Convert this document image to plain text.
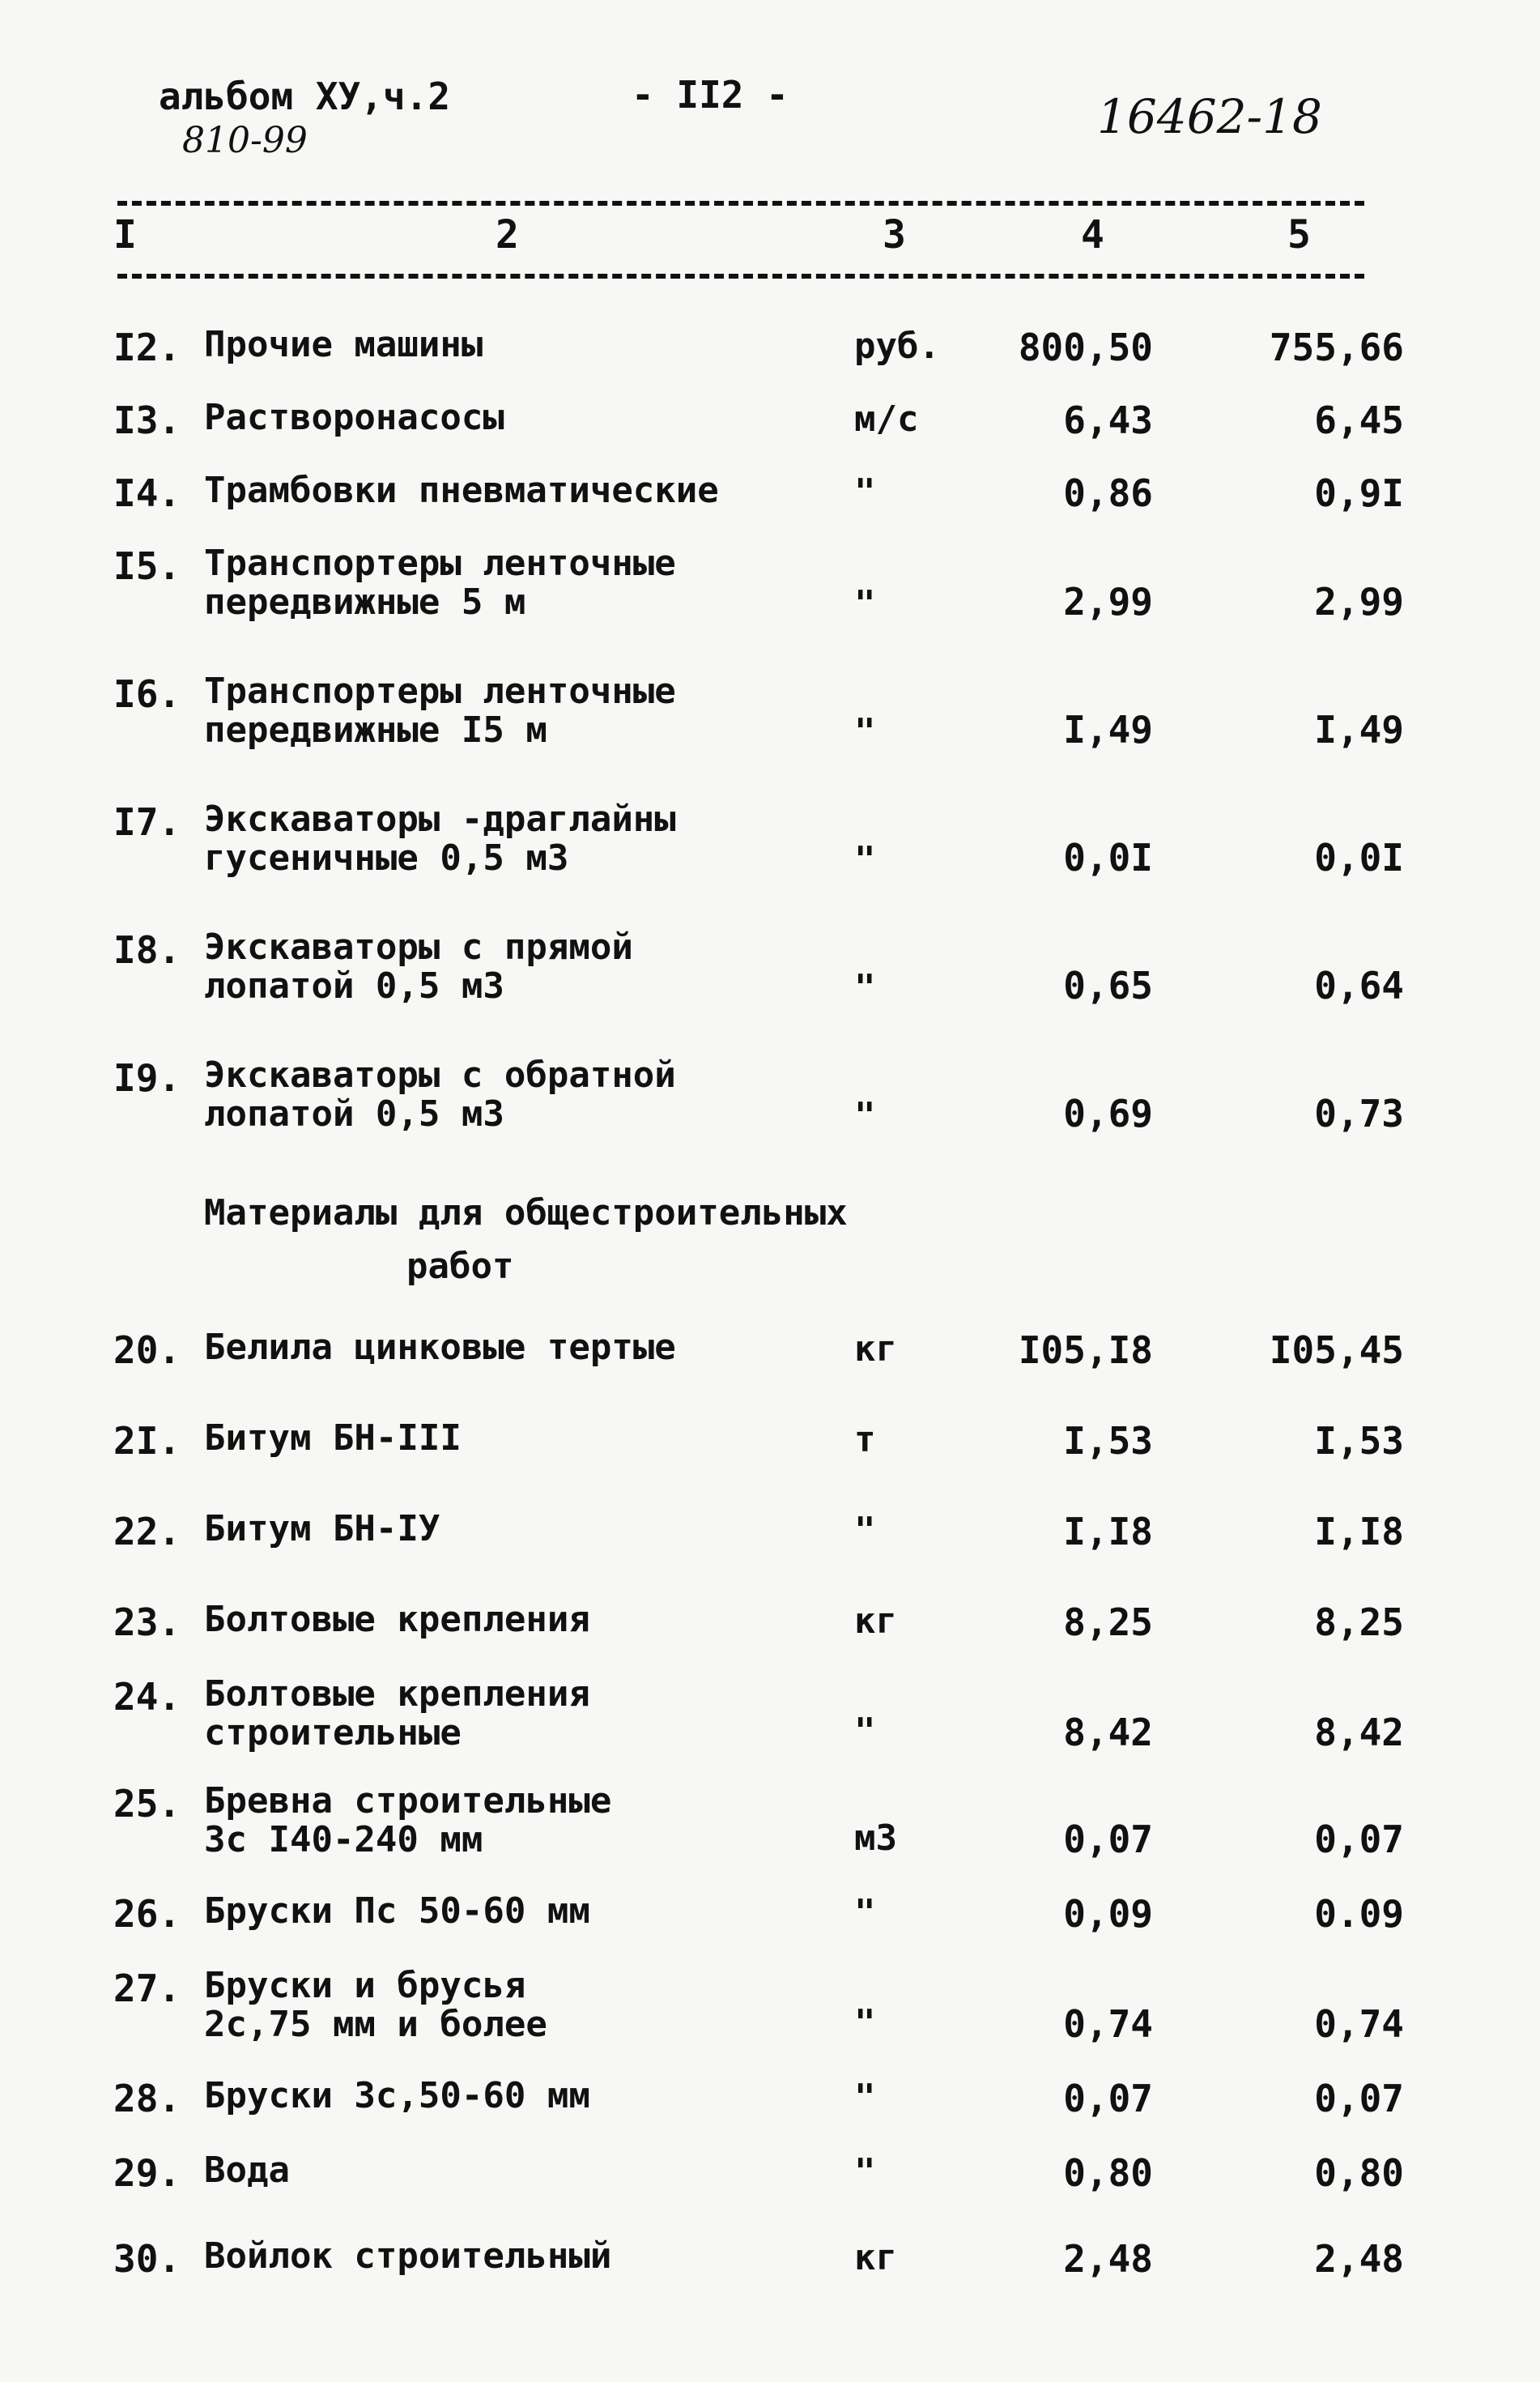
альбом ХУ,ч.2
810-99
- II2 -	16462-18
I	2	3	4	5
I2. Прочие машины	руб. 800,50	755,66
I3. Растворонасосы	м/с	6,43	6,45
I4. Трамбовки пневматические	"	0,86	0,9I
I5. Транспортеры ленточные
передвижные 5 м	"	2,99	2,99
I6. Транспортеры ленточные
передвижные I5 м	"	I,49	I,49
I7. Экскаваторы -драглайны
гусеничные 0,5 м3	"	0,0I	0,0I
I8. Экскаваторы с прямой
лопатой 0,5 м3	"	0,65	0,64
I9. Экскаваторы с обратной
лопатой 0,5 м3	"	0,69	0,73
Материалы для общестроительных
работ
20. Белила цинковые тертые	кг	I05,I8	I05,45
2I. Битум БН-III	т	I,53	I,53
22. Битум БН-IУ	"	I,I8	I,I8
23. Болтовые крепления	кг	8,25	8,25
24. Болтовые крепления
строительные	"	8,42	8,42
25. Бревна строительные
3с I40-240 мм	м3	0,07	0,07
26. Бруски Пс 50-60 мм	"	0,09	0.09
27. Бруски и брусья
2с,75 мм и более	"	0,74	0,74
28. Бруски 3с,50-60 мм	"	0,07	0,07
29. Вода	"	0,80	0,80
30. Войлок строительный	кг	2,48	2,48
